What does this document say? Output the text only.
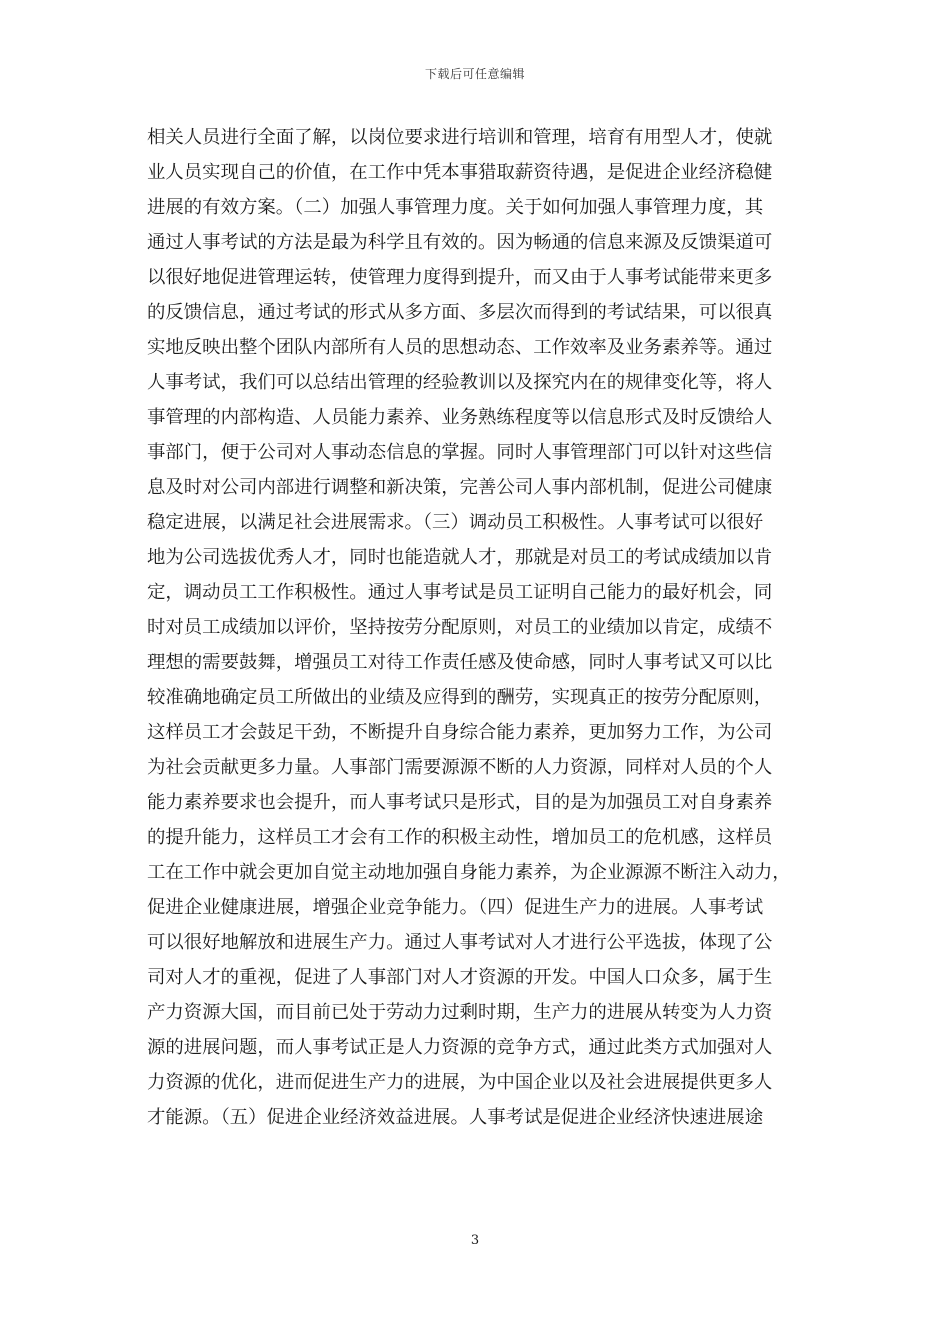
下载后可任意编辑
相关人员进行全面了解，以岗位要求进行培训和管理，培育有用型人才，使就
业人员实现自己的价值，在工作中凭本事猎取薪资待遇，是促进企业经济稳健
进展的有效方案。（二）加强人事管理力度。关于如何加强人事管理力度，其
通过人事考试的方法是最为科学且有效的。因为畅通的信息来源及反馈渠道可
以很好地促进管理运转，使管理力度得到提升，而又由于人事考试能带来更多
的反馈信息，通过考试的形式从多方面、多层次而得到的考试结果，可以很真
实地反映出整个团队内部所有人员的思想动态、工作效率及业务素养等。通过
人事考试，我们可以总结出管理的经验教训以及探究内在的规律变化等，将人
事管理的内部构造、人员能力素养、业务熟练程度等以信息形式及时反馈给人
事部门，便于公司对人事动态信息的掌握。同时人事管理部门可以针对这些信
息及时对公司内部进行调整和新决策，完善公司人事内部机制，促进公司健康
稳定进展，以满足社会进展需求。（三）调动员工积极性。人事考试可以很好
地为公司选拔优秀人才，同时也能造就人才，那就是对员工的考试成绩加以肯
定，调动员工工作积极性。通过人事考试是员工证明自己能力的最好机会，同
时对员工成绩加以评价，坚持按劳分配原则，对员工的业绩加以肯定，成绩不
理想的需要鼓舞，增强员工对待工作责任感及使命感，同时人事考试又可以比
较准确地确定员工所做出的业绩及应得到的酬劳，实现真正的按劳分配原则，
这样员工才会鼓足干劲，不断提升自身综合能力素养，更加努力工作，为公司
为社会贡献更多力量。人事部门需要源源不断的人力资源，同样对人员的个人
能力素养要求也会提升，而人事考试只是形式，目的是为加强员工对自身素养
的提升能力，这样员工才会有工作的积极主动性，增加员工的危机感，这样员
工在工作中就会更加自觉主动地加强自身能力素养，为企业源源不断注入动力，
促进企业健康进展，增强企业竞争能力。（四）促进生产力的进展。人事考试
可以很好地解放和进展生产力。通过人事考试对人才进行公平选拔，体现了公
司对人才的重视，促进了人事部门对人才资源的开发。中国人口众多，属于生
产力资源大国，而目前已处于劳动力过剩时期，生产力的进展从转变为人力资
源的进展问题，而人事考试正是人力资源的竞争方式，通过此类方式加强对人
力资源的优化，进而促进生产力的进展，为中国企业以及社会进展提供更多人
才能源。（五）促进企业经济效益进展。人事考试是促进企业经济快速进展途
3
